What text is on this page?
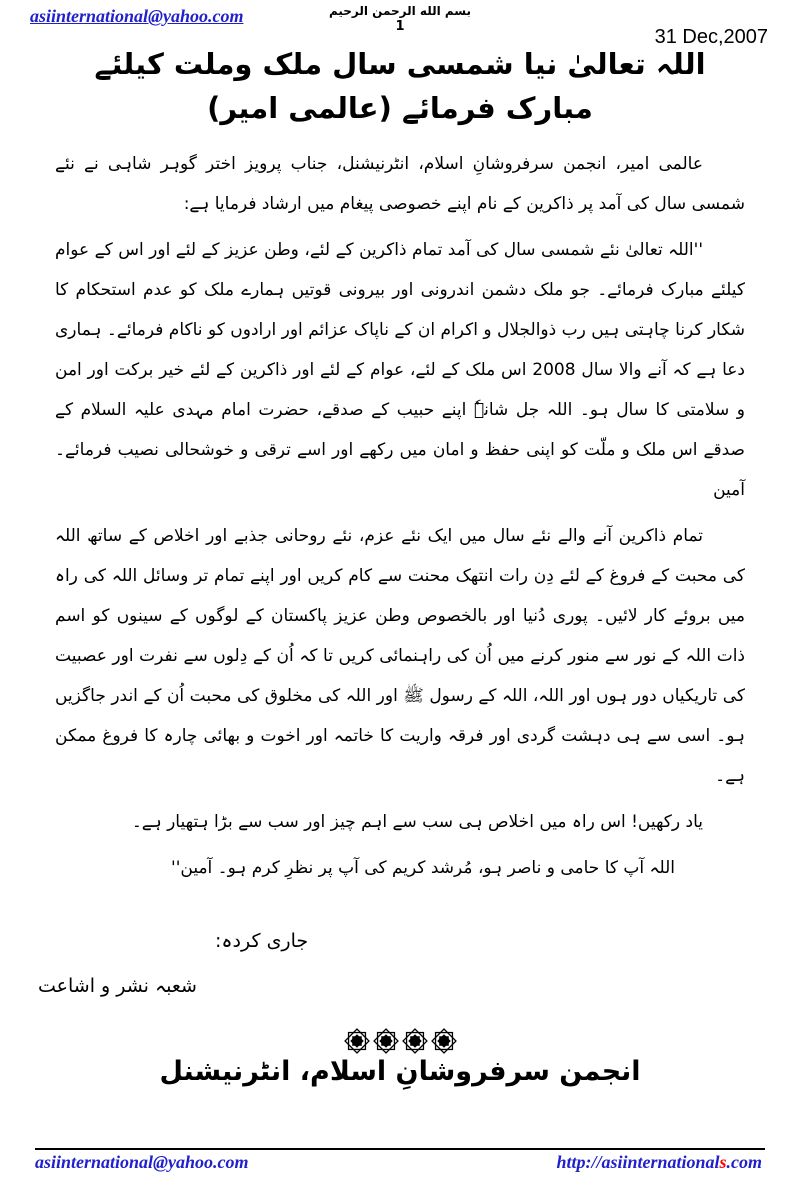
asiinternational@yahoo.com	بسم الله الرحمن الرحيم
1	31 Dec,2007
اللہ تعالیٰ نیا شمسی سال ملک وملت کیلئے مبارک فرمائے (عالمی امیر)

عالمی امیر، انجمن سرفروشانِ اسلام، انٹرنیشنل، جناب پرویز اختر گوہر شاہی نے نئے شمسی سال کی آمد پر ذاکرین کے نام اپنے خصوصی پیغام میں ارشاد فرمایا ہے:

''اللہ تعالیٰ نئے شمسی سال کی آمد تمام ذاکرین کے لئے، وطن عزیز کے لئے اور اس کے عوام کیلئے مبارک فرمائے۔ جو ملک دشمن اندرونی اور بیرونی قوتیں ہمارے ملک کو عدم استحکام کا شکار کرنا چاہتی ہیں رب ذوالجلال و اکرام ان کے ناپاک عزائم اور ارادوں کو ناکام فرمائے۔ ہماری دعا ہے کہ آنے والا سال 2008 اس ملک کے لئے، عوام کے لئے اور ذاکرین کے لئے خیر برکت اور امن و سلامتی کا سال ہو۔ اللہ جل شانہٗ اپنے حبیب کے صدقے، حضرت امام مہدی علیہ السلام کے صدقے اس ملک و ملّت کو اپنی حفظ و امان میں رکھے اور اسے ترقی و خوشحالی نصیب فرمائے۔ آمین

تمام ذاکرین آنے والے نئے سال میں ایک نئے عزم، نئے روحانی جذبے اور اخلاص کے ساتھ اللہ کی محبت کے فروغ کے لئے دِن رات انتھک محنت سے کام کریں اور اپنے تمام تر وسائل اللہ کی راہ میں بروئے کار لائیں۔ پوری دُنیا اور بالخصوص وطن عزیز پاکستان کے لوگوں کے سینوں کو اسم ذات اللہ کے نور سے منور کرنے میں اُن کی راہنمائی کریں تا کہ اُن کے دِلوں سے نفرت اور عصبیت کی تاریکیاں دور ہوں اور اللہ، اللہ کے رسول ﷺ اور اللہ کی مخلوق کی محبت اُن کے اندر جاگزیں ہو۔ اسی سے ہی دہشت گردی اور فرقہ واریت کا خاتمہ اور اخوت و بھائی چارہ کا فروغ ممکن ہے۔

یاد رکھیں! اس راہ میں اخلاص ہی سب سے اہم چیز اور سب سے بڑا ہتھیار ہے۔

اللہ آپ کا حامی و ناصر ہو، مُرشد کریم کی آپ پر نظرِ کرم ہو۔ آمین''

جاری کردہ:
شعبہ نشر و اشاعت
انجمن سرفروشانِ اسلام، انٹرنیشنل
asiinternational@yahoo.com	http://asiinternationals.com
